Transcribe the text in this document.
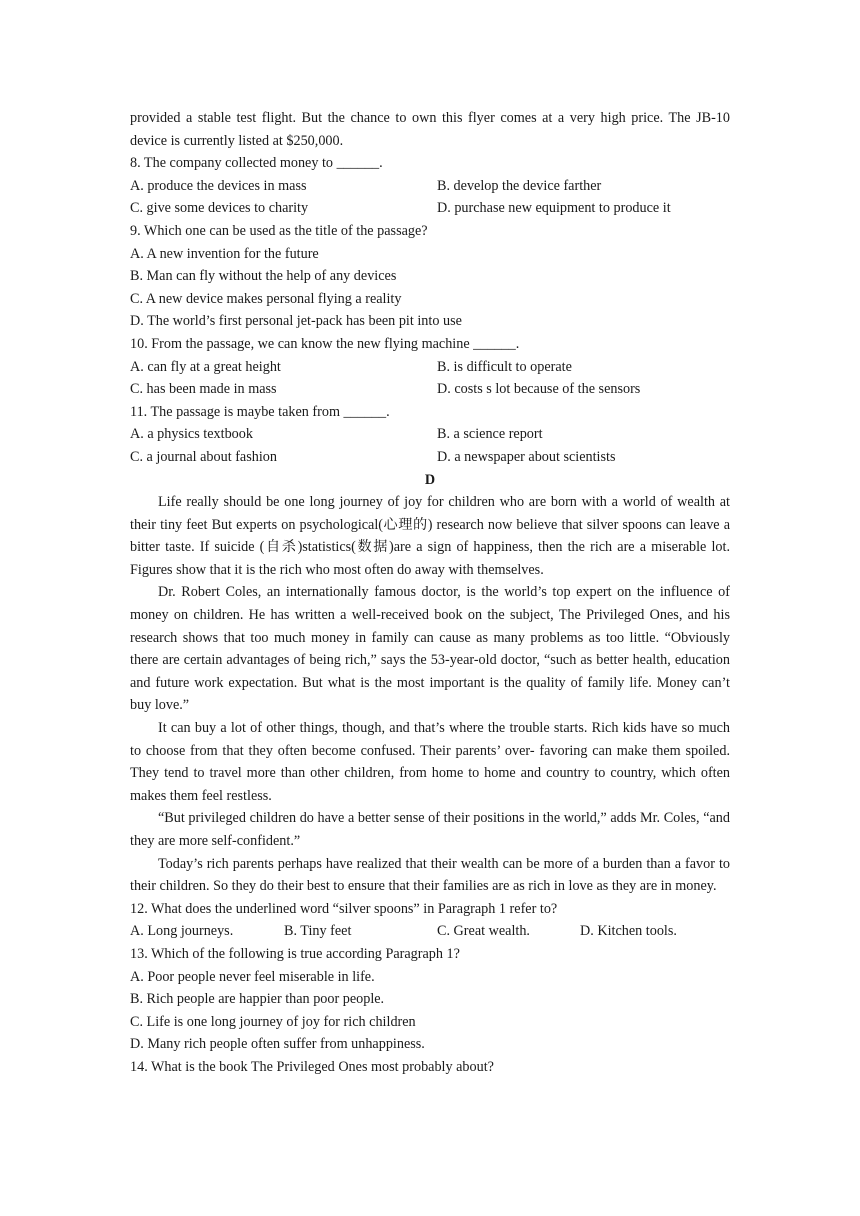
provided a stable test flight. But the chance to own this flyer comes at a very high price. The JB-10 device is currently listed at $250,000.

8. The company collected money to ______.

A. produce the devices in mass	B. develop the device farther
C. give some devices to charity	D. purchase new equipment to produce it

9. Which one can be used as the title of the passage?

A. A new invention for the future

B. Man can fly without the help of any devices

C. A new device makes personal flying a reality

D. The world’s first personal jet-pack has been pit into use

10. From the passage, we can know the new flying machine ______.

A. can fly at a great height	B. is difficult to operate
C. has been made in mass	D. costs s lot because of the sensors

11. The passage is maybe taken from ______.

A. a physics textbook	B. a science report
C. a journal about fashion	D. a newspaper about scientists

D

Life really should be one long journey of joy for children who are born with a world of wealth at their tiny feet But experts on psychological(心理的) research now believe that silver spoons can leave a bitter taste. If suicide (自杀)statistics(数据)are a sign of happiness, then the rich are a miserable lot. Figures show that it is the rich who most often do away with themselves.

Dr. Robert Coles, an internationally famous doctor, is the world’s top expert on the influence of money on children. He has written a well-received book on the subject, The Privileged Ones, and his research shows that too much money in family can cause as many problems as too little. “Obviously there are certain advantages of being rich,” says the 53-year-old doctor, “such as better health, education and future work expectation. But what is the most important is the quality of family life. Money can’t buy love.”

It can buy a lot of other things, though, and that’s where the trouble starts. Rich kids have so much to choose from that they often become confused. Their parents’ over- favoring can make them spoiled. They tend to travel more than other children, from home to home and country to country, which often makes them feel restless.

“But privileged children do have a better sense of their positions in the world,” adds Mr. Coles, “and they are more self-confident.”

Today’s rich parents perhaps have realized that their wealth can be more of a burden than a favor to their children. So they do their best to ensure that their families are as rich in love as they are in money.

12. What does the underlined word “silver spoons” in Paragraph 1 refer to?

A. Long journeys.	B. Tiny feet	C. Great wealth.	D. Kitchen tools.

13. Which of the following is true according Paragraph 1?

A. Poor people never feel miserable in life.

B. Rich people are happier than poor people.

C. Life is one long journey of joy for rich children

D. Many rich people often suffer from unhappiness.

14. What is the book The Privileged Ones most probably about?
